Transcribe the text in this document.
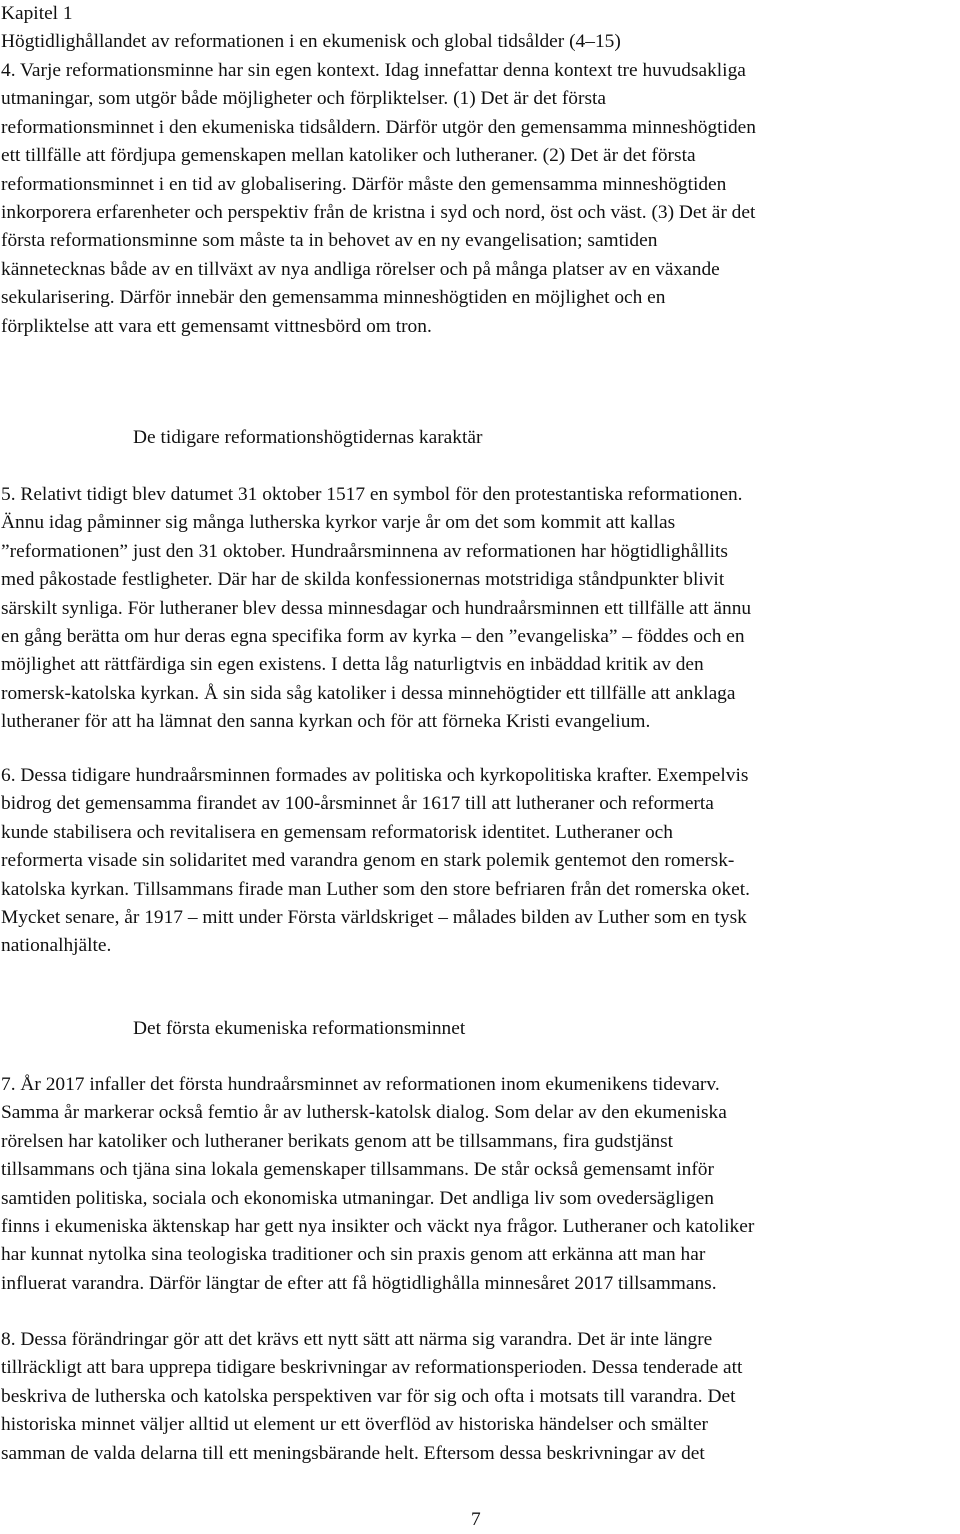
Kapitel 1
Högtidlighållandet av reformationen i en ekumenisk och global tidsålder (4–15)
4. Varje reformationsminne har sin egen kontext. Idag innefattar denna kontext tre huvudsakliga
utmaningar, som utgör både möjligheter och förpliktelser. (1) Det är det första
reformationsminnet i den ekumeniska tidsåldern. Därför utgör den gemensamma minneshögtiden
ett tillfälle att fördjupa gemenskapen mellan katoliker och lutheraner. (2) Det är det första
reformationsminnet i en tid av globalisering. Därför måste den gemensamma minneshögtiden
inkorporera erfarenheter och perspektiv från de kristna i syd och nord, öst och väst. (3) Det är det
första reformationsminne som måste ta in behovet av en ny evangelisation; samtiden
kännetecknas både av en tillväxt av nya andliga rörelser och på många platser av en växande
sekularisering. Därför innebär den gemensamma minneshögtiden en möjlighet och en
förpliktelse att vara ett gemensamt vittnesbörd om tron.
De tidigare reformationshögtidernas karaktär
5. Relativt tidigt blev datumet 31 oktober 1517 en symbol för den protestantiska reformationen.
Ännu idag påminner sig många lutherska kyrkor varje år om det som kommit att kallas
”reformationen” just den 31 oktober. Hundraårsminnena av reformationen har högtidlighållits
med påkostade festligheter. Där har de skilda konfessionernas motstridiga ståndpunkter blivit
särskilt synliga. För lutheraner blev dessa minnesdagar och hundraårsminnen ett tillfälle att ännu
en gång berätta om hur deras egna specifika form av kyrka – den ”evangeliska” – föddes och en
möjlighet att rättfärdiga sin egen existens. I detta låg naturligtvis en inbäddad kritik av den
romersk-katolska kyrkan. Å sin sida såg katoliker i dessa minnehögtider ett tillfälle att anklaga
lutheraner för att ha lämnat den sanna kyrkan och för att förneka Kristi evangelium.
6. Dessa tidigare hundraårsminnen formades av politiska och kyrkopolitiska krafter. Exempelvis
bidrog det gemensamma firandet av 100-årsminnet år 1617 till att lutheraner och reformerta
kunde stabilisera och revitalisera en gemensam reformatorisk identitet. Lutheraner och
reformerta visade sin solidaritet med varandra genom en stark polemik gentemot den romersk-
katolska kyrkan. Tillsammans firade man Luther som den store befriaren från det romerska oket.
Mycket senare, år 1917 – mitt under Första världskriget – målades bilden av Luther som en tysk
nationalhjälte.
Det första ekumeniska reformationsminnet
7. År 2017 infaller det första hundraårsminnet av reformationen inom ekumenikens tidevarv.
Samma år markerar också femtio år av luthersk-katolsk dialog. Som delar av den ekumeniska
rörelsen har katoliker och lutheraner berikats genom att be tillsammans, fira gudstjänst
tillsammans och tjäna sina lokala gemenskaper tillsammans. De står också gemensamt inför
samtiden politiska, sociala och ekonomiska utmaningar. Det andliga liv som ovedersägligen
finns i ekumeniska äktenskap har gett nya insikter och väckt nya frågor. Lutheraner och katoliker
har kunnat nytolka sina teologiska traditioner och sin praxis genom att erkänna att man har
influerat varandra. Därför längtar de efter att få högtidlighålla minnesåret 2017 tillsammans.
8. Dessa förändringar gör att det krävs ett nytt sätt att närma sig varandra. Det är inte längre
tillräckligt att bara upprepa tidigare beskrivningar av reformationsperioden. Dessa tenderade att
beskriva de lutherska och katolska perspektiven var för sig och ofta i motsats till varandra. Det
historiska minnet väljer alltid ut element ur ett överflöd av historiska händelser och smälter
samman de valda delarna till ett meningsbärande helt. Eftersom dessa beskrivningar av det
7
